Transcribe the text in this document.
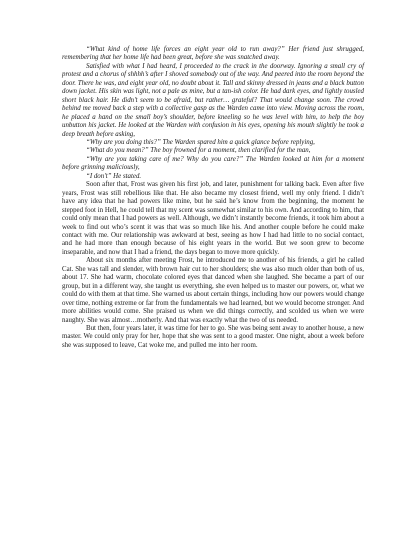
“What kind of home life forces an eight year old to run away?” Her friend just shrugged, remembering that her home life had been great, before she was snatched away.

Satisfied with what I had heard, I proceeded to the crack in the doorway. Ignoring a small cry of protest and a chorus of shhhh’s after I shoved somebody out of the way. And peered into the room beyond the door. There he was, and eight year old, no doubt about it. Tall and skinny dressed in jeans and a black button down jacket. His skin was light, not a pale as mine, but a tan-ish color. He had dark eyes, and lightly tousled short black hair. He didn’t seem to be afraid, but rather… grateful? That would change soon. The crowd behind me moved back a step with a collective gasp as the Warden came into view. Moving across the room, he placed a hand on the small boy’s shoulder, before kneeling so he was level with him, to help the boy unbutton his jacket. He looked at the Warden with confusion in his eyes, opening his mouth slightly he took a deep breath before asking,

“Why are you doing this?” The Warden spared him a quick glance before replying,

“What do you mean?” The boy frowned for a moment, then clarified for the man,

“Why are you taking care of me? Why do you care?” The Warden looked at him for a moment before grinning maliciously,

“I don’t” He stated.

Soon after that, Frost was given his first job, and later, punishment for talking back. Even after five years, Frost was still rebellious like that. He also became my closest friend, well my only friend. I didn’t have any idea that he had powers like mine, but he said he’s know from the beginning, the moment he stepped foot in Hell, he could tell that my scent was somewhat similar to his own. And according to him, that could only mean that I had powers as well. Although, we didn’t instantly become friends, it took him about a week to find out who’s scent it was that was so much like his. And another couple before he could make contact with me. Our relationship was awkward at best, seeing as how I had had little to no social contact, and he had more than enough because of his eight years in the world. But we soon grew to become inseparable, and now that I had a friend, the days began to move more quickly.

About six months after meeting Frost, he introduced me to another of his friends, a girl he called Cat. She was tall and slender, with brown hair cut to her shoulders; she was also much older than both of us, about 17. She had warm, chocolate colored eyes that danced when she laughed. She became a part of our group, but in a different way, she taught us everything, she even helped us to master our powers, or, what we could do with them at that time. She warned us about certain things, including how our powers would change over time, nothing extreme or far from the fundamentals we had learned, but we would become stronger. And more abilities would come. She praised us when we did things correctly, and scolded us when we were naughty. She was almost…motherly. And that was exactly what the two of us needed.

But then, four years later, it was time for her to go. She was being sent away to another house, a new master. We could only pray for her, hope that she was sent to a good master. One night, about a week before she was supposed to leave, Cat woke me, and pulled me into her room.
